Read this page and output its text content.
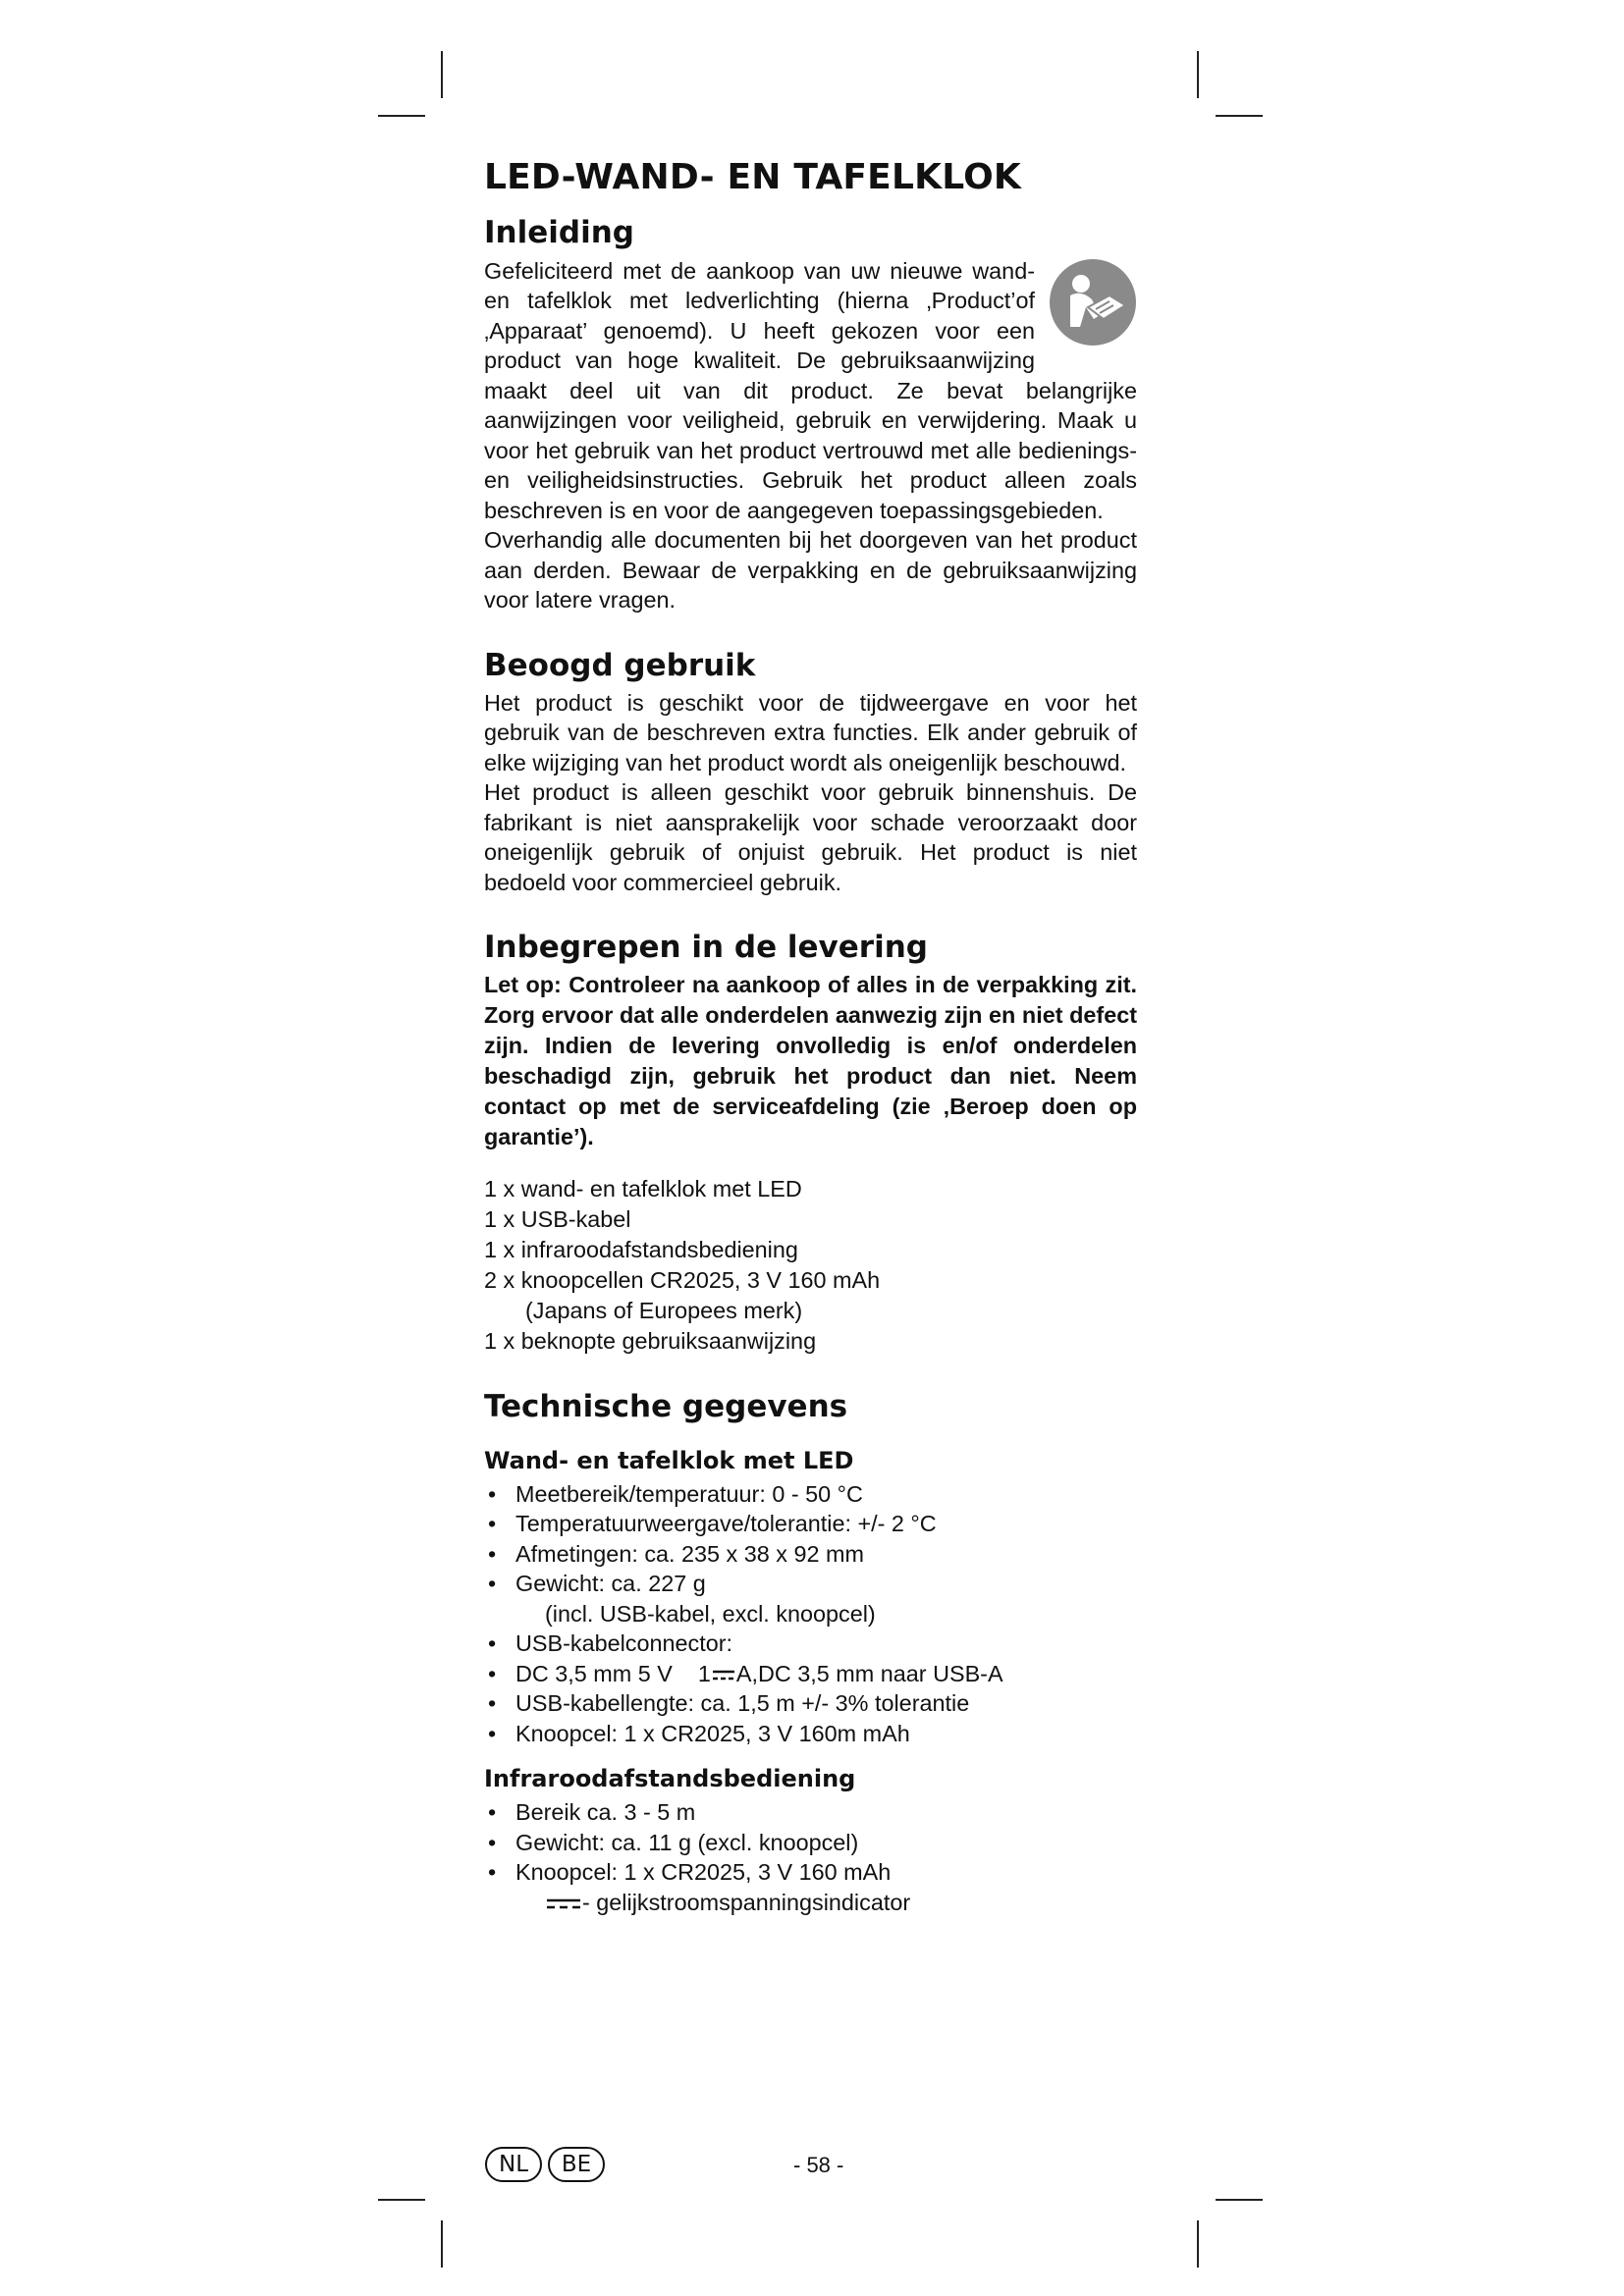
LED-WAND- EN TAFELKLOK
Inleiding

Gefeliciteerd met de aankoop van uw nieuwe wand- en tafelklok met ledverlichting (hierna ‚Product’of ‚Apparaat’ genoemd). U heeft gekozen voor een product van hoge kwaliteit. De gebruiksaanwijzing maakt deel uit van dit product. Ze bevat belangrijke aanwijzingen voor veiligheid, gebruik en verwijdering. Maak u voor het gebruik van het product vertrouwd met alle bedienings- en veiligheidsinstructies. Gebruik het product alleen zoals beschreven is en voor de aangegeven toepassingsgebieden.

Overhandig alle documenten bij het doorgeven van het product aan derden. Bewaar de verpakking en de gebruiksaanwijzing voor latere vragen.

Beoogd gebruik

Het product is geschikt voor de tijdweergave en voor het gebruik van de beschreven extra functies. Elk ander gebruik of elke wijziging van het product wordt als oneigenlijk beschouwd.

Het product is alleen geschikt voor gebruik binnenshuis. De fabrikant is niet aansprakelijk voor schade veroorzaakt door oneigenlijk gebruik of onjuist gebruik. Het product is niet bedoeld voor commercieel gebruik.

Inbegrepen in de levering

Let op: Controleer na aankoop of alles in de verpakking zit. Zorg ervoor dat alle onderdelen aanwezig zijn en niet defect zijn. Indien de levering onvolledig is en/of onderdelen beschadigd zijn, gebruik het product dan niet. Neem contact op met de serviceafdeling (zie ‚Beroep doen op garantie’).

1 x wand- en tafelklok met LED
1 x USB-kabel
1 x infraroodafstandsbediening
2 x knoopcellen CR2025, 3 V 160 mAh
(Japans of Europees merk)
1 x beknopte gebruiksaanwijzing
Technische gegevens
Wand- en tafelklok met LED
• Meetbereik/temperatuur: 0 - 50 °C
• Temperatuurweergave/tolerantie: +/- 2 °C
• Afmetingen: ca. 235 x 38 x 92 mm
• Gewicht: ca. 227 g
(incl. USB-kabel, excl. knoopcel)
• USB-kabelconnector:
• DC 3,5 mm 5 V 1 A,DC 3,5 mm naar USB-A
• USB-kabellengte: ca. 1,5 m +/- 3% tolerantie
• Knoopcel: 1 x CR2025, 3 V 160m mAh
Infraroodafstandsbediening
• Bereik ca. 3 - 5 m
• Gewicht: ca. 11 g (excl. knoopcel)
• Knoopcel: 1 x CR2025, 3 V 160 mAh
- gelijkstroomspanningsindicator
NL	BE	- 58 -
